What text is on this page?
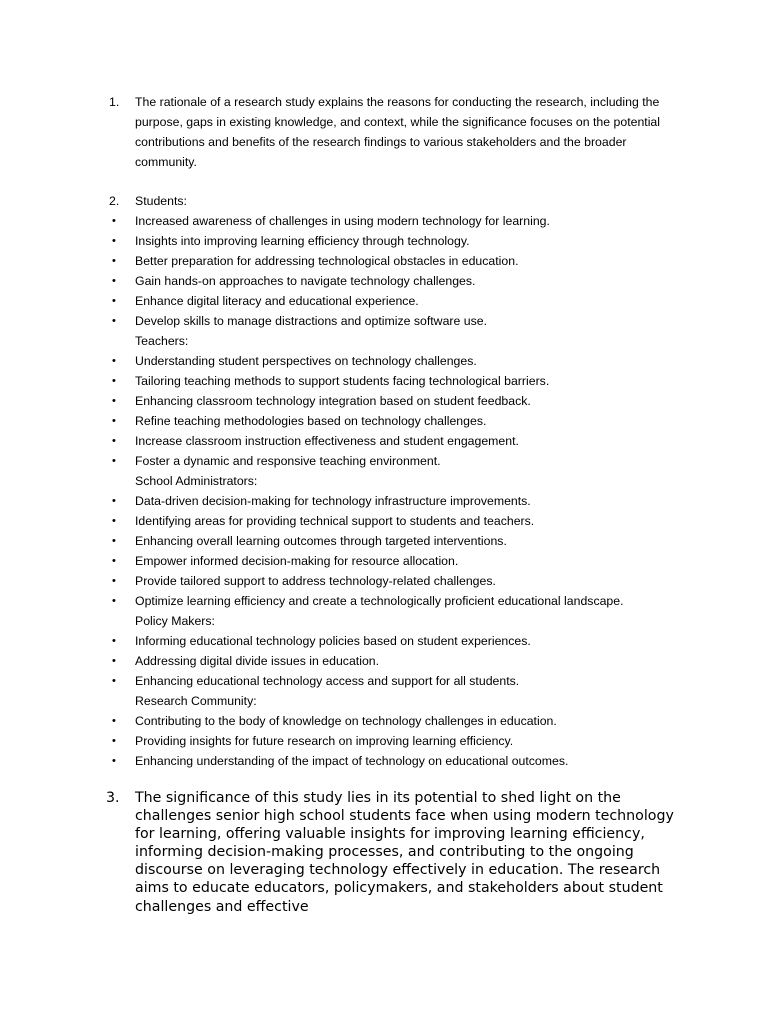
1.	The rationale of a research study explains the reasons for conducting the research, including the purpose, gaps in existing knowledge, and context, while the significance focuses on the potential contributions and benefits of the research findings to various stakeholders and the broader community.
2.	Students:
•	Increased awareness of challenges in using modern technology for learning.
•	Insights into improving learning efficiency through technology.
•	Better preparation for addressing technological obstacles in education.
•	Gain hands-on approaches to navigate technology challenges.
•	Enhance digital literacy and educational experience.
•	Develop skills to manage distractions and optimize software use.
Teachers:
•	Understanding student perspectives on technology challenges.
•	Tailoring teaching methods to support students facing technological barriers.
•	Enhancing classroom technology integration based on student feedback.
•	Refine teaching methodologies based on technology challenges.
•	Increase classroom instruction effectiveness and student engagement.
•	Foster a dynamic and responsive teaching environment.
School Administrators:
•	Data-driven decision-making for technology infrastructure improvements.
•	Identifying areas for providing technical support to students and teachers.
•	Enhancing overall learning outcomes through targeted interventions.
•	Empower informed decision-making for resource allocation.
•	Provide tailored support to address technology-related challenges.
•	Optimize learning efficiency and create a technologically proficient educational landscape.
Policy Makers:
•	Informing educational technology policies based on student experiences.
•	Addressing digital divide issues in education.
•	Enhancing educational technology access and support for all students.
Research Community:
•	Contributing to the body of knowledge on technology challenges in education.
•	Providing insights for future research on improving learning efficiency.
•	Enhancing understanding of the impact of technology on educational outcomes.
3.	The significance of this study lies in its potential to shed light on the challenges senior high school students face when using modern technology for learning, offering valuable insights for improving learning efficiency, informing decision-making processes, and contributing to the ongoing discourse on leveraging technology effectively in education. The research aims to educate educators, policymakers, and stakeholders about student challenges and effective
